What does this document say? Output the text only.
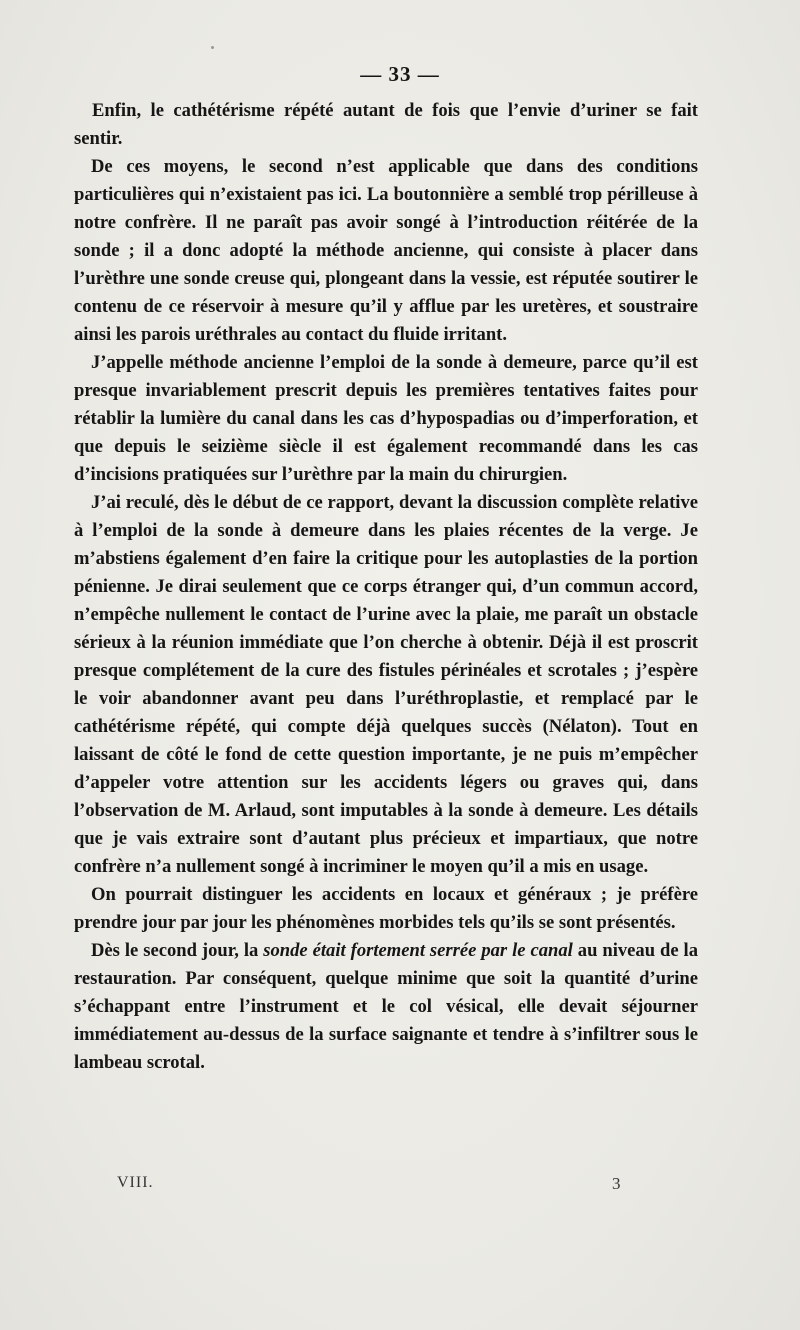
— 33 —

Enfin, le cathétérisme répété autant de fois que l’envie d’uriner se fait sentir.

De ces moyens, le second n’est applicable que dans des conditions particulières qui n’existaient pas ici. La boutonnière a semblé trop périlleuse à notre confrère. Il ne paraît pas avoir songé à l’introduction réitérée de la sonde ; il a donc adopté la méthode ancienne, qui consiste à placer dans l’urèthre une sonde creuse qui, plongeant dans la vessie, est réputée soutirer le contenu de ce réservoir à mesure qu’il y afflue par les uretères, et soustraire ainsi les parois uréthrales au contact du fluide irritant.

J’appelle méthode ancienne l’emploi de la sonde à demeure, parce qu’il est presque invariablement prescrit depuis les premières tentatives faites pour rétablir la lumière du canal dans les cas d’hypospadias ou d’imperforation, et que depuis le seizième siècle il est également recommandé dans les cas d’incisions pratiquées sur l’urèthre par la main du chirurgien.

J’ai reculé, dès le début de ce rapport, devant la discussion complète relative à l’emploi de la sonde à demeure dans les plaies récentes de la verge. Je m’abstiens également d’en faire la critique pour les autoplasties de la portion pénienne. Je dirai seulement que ce corps étranger qui, d’un commun accord, n’empêche nullement le contact de l’urine avec la plaie, me paraît un obstacle sérieux à la réunion immédiate que l’on cherche à obtenir. Déjà il est proscrit presque complétement de la cure des fistules périnéales et scrotales ; j’espère le voir abandonner avant peu dans l’uréthroplastie, et remplacé par le cathétérisme répété, qui compte déjà quelques succès (Nélaton). Tout en laissant de côté le fond de cette question importante, je ne puis m’empêcher d’appeler votre attention sur les accidents légers ou graves qui, dans l’observation de M. Arlaud, sont imputables à la sonde à demeure. Les détails que je vais extraire sont d’autant plus précieux et impartiaux, que notre confrère n’a nullement songé à incriminer le moyen qu’il a mis en usage.

On pourrait distinguer les accidents en locaux et généraux ; je préfère prendre jour par jour les phénomènes morbides tels qu’ils se sont présentés.

Dès le second jour, la sonde était fortement serrée par le canal au niveau de la restauration. Par conséquent, quelque minime que soit la quantité d’urine s’échappant entre l’instrument et le col vésical, elle devait séjourner immédiatement au-dessus de la surface saignante et tendre à s’infiltrer sous le lambeau scrotal.

VIII.	3
